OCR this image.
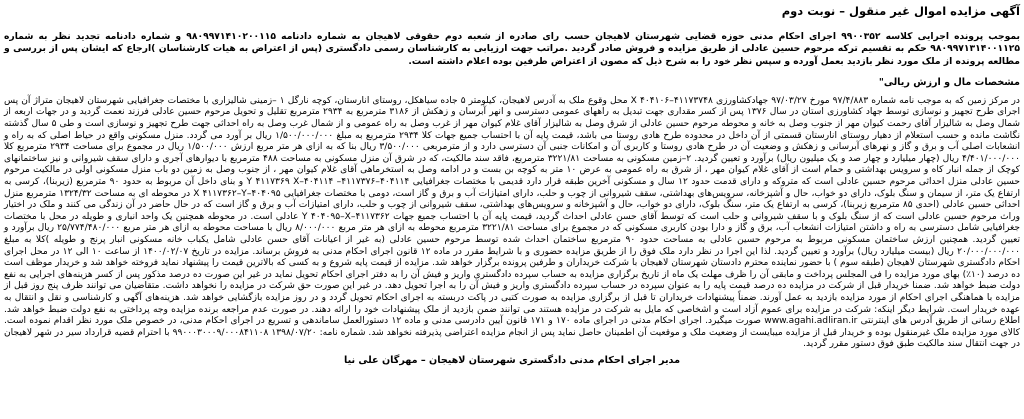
آگهی مزایده اموال غیر منقول – نوبت دوم

بموجب پرونده اجرایی کلاسه ۹۹۰۰۳۵۲ اجرای احکام مدنی حوزه قضایی شهرستان لاهیجان حسب رای صادره از شعبه دوم حقوقی لاهیجان به شماره دادنامه ۹۸۰۹۹۷۱۴۱۰۲۰۰۱۱۵ و شماره دادنامه تجدید نظر به شماره ۹۸۰۹۹۷۱۳۱۴۰۰۱۱۲۵ حکم به تقسیم ترکه مرحوم حسین عادلی از طریق مزایده و فروش صادر گردید .مراتب جهت ارزیابی به کارشناسان رسمی دادگستری (پس از اعتراض به هیات کارشناسان )ارجاع که ایشان پس از بررسی و مطالعه پرونده از ملک مورد نظر بازدید بعمل آورده و سپس نظر خود را به شرح ذیل که مصون از اعتراض طرفین بوده اعلام داشته است.

مشخصات مال و ارزش ریالی"

در مرکز زمین که به موجب نامه شماره ۹۷/۴/۸۸۳ مورخ ۹۷/۰۳/۲۷ جهادکشاورزی ۴۱۱۷۳۷۴۸–X ۴۰۴۱۰۶ محل وقوع ملک به آدرس لاهیجان، کیلومتر ۵ جاده سیاهکل، روستای انارستان، کوچه نارگل ۱ –زمینی شالیزاری با مختصات جغرافیایی شهرستان لاهیجان متراژ آن پس اجرای طرح تجهیز و نوسازی توسط جهاد کشاورزی استان در سال ۱۳۷۶ پس از کسر مقداری جهت تبدیل به راههای عمومی دسترسی و انهر آبرسان و زهکش از ۳۱۸۶ مترمربع به ۲۹۳۴ مترمربع تقلیل و تحویل مرحوم حسین عادلی فرزند نعمت گردید و در جهات اربعه از شمال وصل به شالیزار آقای رحمت کیوان مهر از جنوب وصل به خانه و محوطه مرحوم حسین عادلی از شرق وصل به شالیزار آقای غلام کیوان مهر از غرب وصل به راه عمومی و از شمال غرب وصل به راه احداثی جهت طرح تجهیز و نوسازی است و طی ۵ سال گذشته نگاشت مانده و حسب استعلام از دهیار روستای انارستان قسمتی از آن داخل در محدوده طرح هادی روستا می باشد، قیمت پایه آن با احتساب جمیع جهات کلا ۲۹۳۴ مترمربع به مبلغ ۱/۵۰۰/۰۰۰/۰۰۰ ریال بر آورد می گردد. منزل مسکونی واقع در حیاط اصلی که به راه و انشعابات اصلی آب و برق و گاز و نهرهای آبرسانی و زهکش و وضعیت آن در طرح هادی روستا و کاربری آن و امکانات جنبی آن دسترسی دارد و از مترمربعی ۳/۵۰۰/۰۰۰ ریال بنا که به ازای هر متر مربع ارزش ۱/۵۰۰/۰۰۰ ریال در مجموع برای مساحت ۲۹۳۴ مترمربع کلا ۴/۴۰۱/۰۰۰/۰۰۰ ریال (چهار میلیارد و چهار صد و یک میلیون ریال) برآورد و تعیین گردید. ۲–زمین مسکونی به مساحت ۳۲۲۱/۸۱ مترمربع، فاقد سند مالکیت، که در شرق آن منزل مسکونی به مساحت ۴۸۸ مترمربع با دیوارهای آجری و دارای سقف شیروانی و نیز ساختمانهای کوچک از جمله انبار کاه و سرویس بهداشتی و حمام است از آقای غلام کیوان مهر ، از شرق به راه عمومی به عرض ۱۰ متر به کوچه بن بست و در ادامه وصل به استخرماهی آقای غلام کیوان مهر ، از جنوب وصل به زمین دو باب منزل مسکونی اولی در مالکیت مرحوم حسین عادلی منزل احداثی مرحوم حسین عادلی است که متروکه و دارای قدمت حدود ۱۲ سال و مسکونی آخرین طبقه قرار دارد قدیمی با مختصات جغرافیایی ۴۰۴۱۱۴–Y ۴۱۱۷۳۶۹ X–۴۰۴۱۱۴ –۴۱۱۷۳۷۶ و بنای داخل آن مربوط به حدود ۹۰ مترمربع (زیربنا)، کرسی به ارتفاع یک متر، از سیمان و سنگ بلوک، دارای دو خواب، حال و آشپزخانه، سرویس‌های بهداشتی، سقف شیروانی از چوب و حلب، دارای امتیازات آب و برق و گاز است، دومی با مختصات جغرافیایی ۴۰۴۰۹۵–X ۴۱۱۷۳۶۲–Y در محوطه ای به مساحت ۱۳۲۴/۳۲ مترمربع منزل احداثی حسین عادلی (احدی ۸۵ مترمربع زیربنا)، کرسی به ارتفاع یک متر، سنگ بلوک، دارای دو خواب، حال و آشپزخانه و سرویس‌های بهداشتی، سقف شیروانی از چوب و حلب، دارای امتیازات آب و برق و گاز است که در حال حاضر در آن زندگی می کنند و ملک در اختیار وراث مرحوم حسین عادلی است که از سنگ بلوک و با سقف شیروانی و حلب است که توسط آقای حسن عادلی احداث گردید، قیمت پایه آن با احتساب جمیع جهات ۴۱۱۷۳۶۲–Y ۴۰۴۰۹۵–X عادلی است. در محوطه همچنین یک واحد انباری و طویله در محل با مختصات جغرافیایی شامل دسترسی به راه و داشتن امتیازات انشعاب آب، برق و گاز و دارا بودن کاربری مسکونی که در مجموع برای مساحت ۳۲۲۱/۸۱ مترمربع محوطه به ازای هر متر مربع ۸/۰۰۰/۰۰۰ ریال با مساحت محوطه به ازای هر متر مربع ۲۵/۷۷۴/۴۸۰/۰۰۰ ریال برآورد و تعیین گردید. همچنین ارزش ساختمان مسکونی مربوط به مرحوم حسین عادلی به مساحت حدود ۹۰ مترمربع ساختمان احداث شده توسط مرحوم حسین عادلی (به غیر از اعیانات آقای حسن عادلی شامل یکباب خانه مسکونی انبار پرنج و طویله )کلا به مبلغ ۲۰/۰۰۰/۰۰۰/۰۰۰ ریال (بیست میلیارد ریال) برآورد و تعیین گردید. لذا این اجرا در نظر دارد ملک فوق را از طریق مزایده حضوری و با شرایط مقرر در ماده ۱۲ قانون اجرای احکام مدنی به فروش برساند. مزایده در تاریخ ۱۴۰۰/۰۲/۰۷ از ساعت ۱۰ الی ۱۲ در محل اجرای احکام دادگستری شهرستان لاهیجان (طبقه سوم ) با حضور نماینده محترم دادستان شهرستان لاهیجان با شرکت خریداران و طرفین پرونده برگزار خواهد شد. مزایده از قیمت پایه شروع و به کسی که بالاترین قیمت را پیشنهاد نماید فروخته خواهد شد و خریدار موظف است ده درصد (۱۰٪) بهای مورد مزایده را فی المجلس پرداخت و مابقی آن را ظرف مهلت یک ماه از تاریخ برگزاری مزایده به حساب سپرده دادگستری واریز و فیش آن را به دفتر اجرای احکام تحویل نماید در غیر این صورت ده درصد مذکور پس از کسر هزینه‌های اجرایی به نفع دولت ضبط خواهد شد. ضمنا خریدار قبل از شرکت در مزایده ده درصد قیمت پایه را به عنوان سپرده در حساب سپرده دادگستری واریز و فیش آن را به اجرا تحویل دهد. در غیر این صورت حق شرکت در مزایده را نخواهد داشت. متقاضیان می توانند ظرف پنج روز قبل از مزایده با هماهنگی اجرای احکام از مورد مزایده بازدید به عمل آورند. ضمناً پیشنهادات خریداران تا قبل از برگزاری مزایده به صورت کتبی در پاکت دربسته به اجرای احکام تحویل گردد و در روز مزایده بازگشایی خواهد شد. هزینه‌های آگهی و کارشناسی و نقل و انتقال به عهده خریدار است. شرایط دیگر اینکه: شرکت در مزایده برای عموم آزاد است و اشخاصی که مایل به شرکت در مزایده هستند می توانند ضمن بازدید از ملک پیشنهادات خود را ارائه دهند. در صورت عدم مراجعه برنده مزایده وجه پرداختی به نفع دولت ضبط خواهد شد. اطلاع رسانی از طریق آدرس های اینترنتی www.agahi.adliran.ir صورت میگیرد. اجرای احکام مدنی در اجرای ماده ۱۷۰ و ۱۷۱ قانون آیین دادرسی مدنی و ماده ۱۲ دستورالعمل ساماندهی و تسریع در اجرای احکام مدنی، در خصوص ملک مورد نظر اقدام نموده است. کالای مورد مزایده ملک غیرمنقول بوده و خریدار قبل از مزایده میبایست از وضعیت ملک و موقعیت آن اطمینان حاصل نماید پس از انجام مزایده اعتراضی پذیرفته نخواهد شد. شماره نامه: ۱۳۹۸/۰۷/۲۰ ۹۹۰۰۰۳۰۰۰۹/۰۰۰۸۴۱۱۰۸ با احترام قضیه قرارداد سیر در شهر لاهیجان در جهت انتقال سند مالکیت طبق فوق دستور مقرر گردید.

مدیر اجرای احکام مدنی دادگستری شهرستان لاهیجان – مهرگان علی نیا
